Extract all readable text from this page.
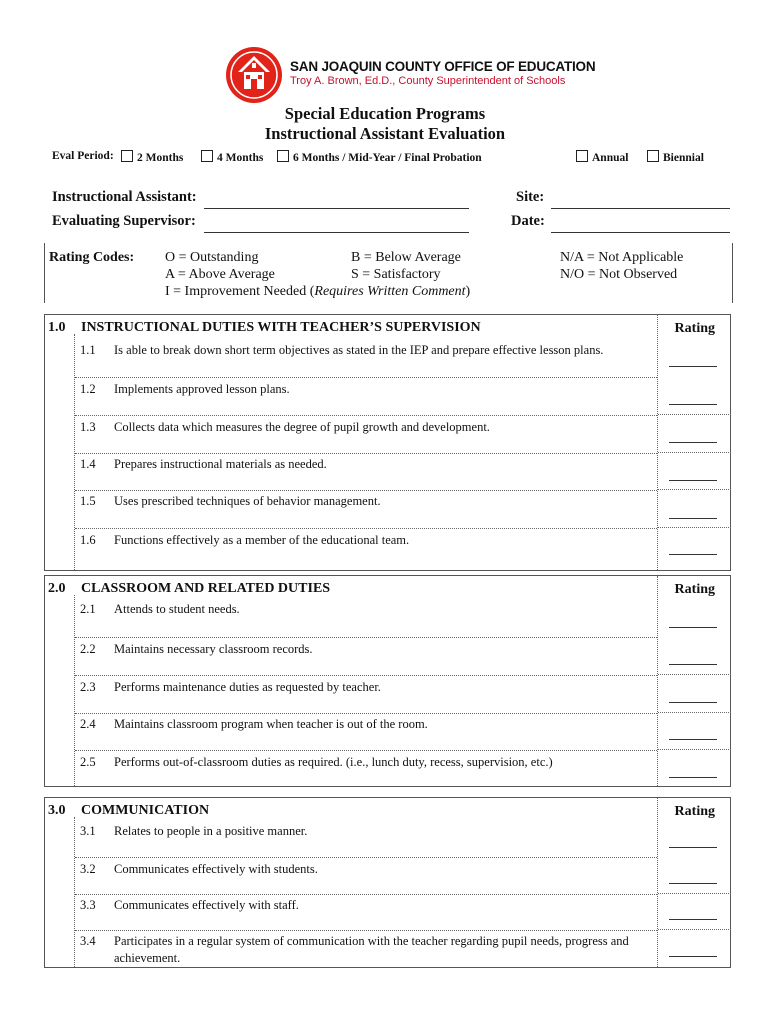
SAN JOAQUIN COUNTY OFFICE OF EDUCATION
Troy A. Brown, Ed.D., County Superintendent of Schools
Special Education Programs
Instructional Assistant Evaluation
Eval Period:	2 Months	4 Months	6 Months / Mid-Year / Final Probation	Annual	Biennial
Instructional Assistant:
Evaluating Supervisor:
Site:
Date:
Rating Codes: O = Outstanding
A = Above Average
I = Improvement Needed (Requires Written Comment)
B = Below Average
S = Satisfactory
N/A = Not Applicable
N/O = Not Observed
1.0 INSTRUCTIONAL DUTIES WITH TEACHER’S SUPERVISION	Rating
1.1 Is able to break down short term objectives as stated in the IEP and prepare effective lesson plans.
1.2 Implements approved lesson plans.
1.3 Collects data which measures the degree of pupil growth and development.
1.4 Prepares instructional materials as needed.
1.5 Uses prescribed techniques of behavior management.
1.6 Functions effectively as a member of the educational team.
2.0 CLASSROOM AND RELATED DUTIES	Rating
2.1 Attends to student needs.
2.2 Maintains necessary classroom records.
2.3 Performs maintenance duties as requested by teacher.
2.4 Maintains classroom program when teacher is out of the room.
2.5 Performs out-of-classroom duties as required. (i.e., lunch duty, recess, supervision, etc.)
3.0 COMMUNICATION	Rating
3.1 Relates to people in a positive manner.
3.2 Communicates effectively with students.
3.3 Communicates effectively with staff.
3.4 Participates in a regular system of communication with the teacher regarding pupil needs, progress and achievement.
